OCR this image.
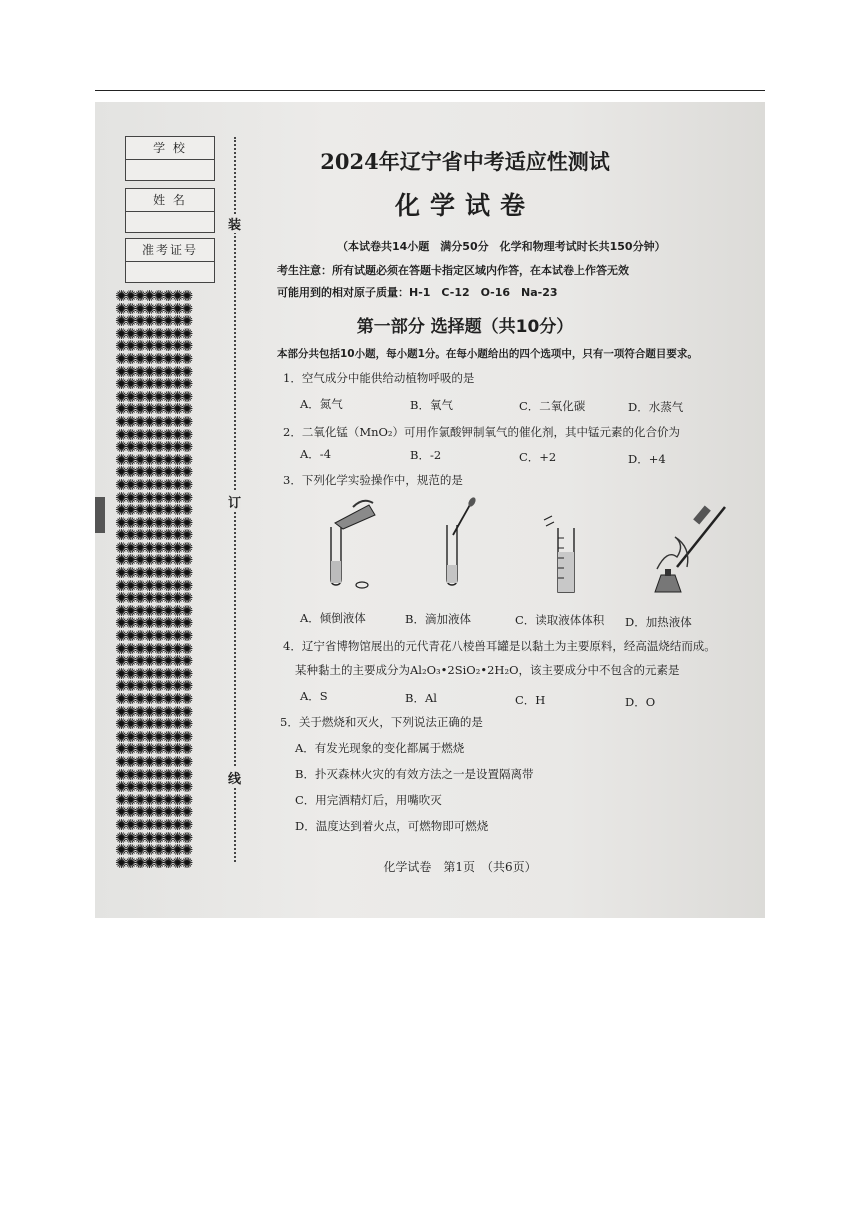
学 校
姓 名
准考证号
✺✺✺✺✺✺✺✺
✺✺✺✺✺✺✺✺
✺✺✺✺✺✺✺✺
✺✺✺✺✺✺✺✺
✺✺✺✺✺✺✺✺
✺✺✺✺✺✺✺✺
✺✺✺✺✺✺✺✺
✺✺✺✺✺✺✺✺
✺✺✺✺✺✺✺✺
✺✺✺✺✺✺✺✺
✺✺✺✺✺✺✺✺
✺✺✺✺✺✺✺✺
✺✺✺✺✺✺✺✺
✺✺✺✺✺✺✺✺
✺✺✺✺✺✺✺✺
✺✺✺✺✺✺✺✺
✺✺✺✺✺✺✺✺
✺✺✺✺✺✺✺✺
✺✺✺✺✺✺✺✺
✺✺✺✺✺✺✺✺
✺✺✺✺✺✺✺✺
✺✺✺✺✺✺✺✺
✺✺✺✺✺✺✺✺
✺✺✺✺✺✺✺✺
✺✺✺✺✺✺✺✺
✺✺✺✺✺✺✺✺
✺✺✺✺✺✺✺✺
✺✺✺✺✺✺✺✺
✺✺✺✺✺✺✺✺
✺✺✺✺✺✺✺✺
✺✺✺✺✺✺✺✺
✺✺✺✺✺✺✺✺
✺✺✺✺✺✺✺✺
✺✺✺✺✺✺✺✺
✺✺✺✺✺✺✺✺
✺✺✺✺✺✺✺✺
✺✺✺✺✺✺✺✺
✺✺✺✺✺✺✺✺
✺✺✺✺✺✺✺✺
✺✺✺✺✺✺✺✺
✺✺✺✺✺✺✺✺
✺✺✺✺✺✺✺✺
✺✺✺✺✺✺✺✺
✺✺✺✺✺✺✺✺
✺✺✺✺✺✺✺✺
✺✺✺✺✺✺✺✺
装
订
线
2024年辽宁省中考适应性测试
化学试卷
（本试卷共14小题　满分50分　化学和物理考试时长共150分钟）
考生注意：所有试题必须在答题卡指定区域内作答，在本试卷上作答无效
可能用到的相对原子质量：H-1　C-12　O-16　Na-23
第一部分 选择题（共10分）
本部分共包括10小题，每小题1分。在每小题给出的四个选项中，只有一项符合题目要求。
1．空气成分中能供给动植物呼吸的是
A．氮气	B．氧气	C．二氧化碳	D．水蒸气
2．二氧化锰（MnO₂）可用作氯酸钾制氧气的催化剂，其中锰元素的化合价为
A．-4	B．-2	C．+2	D．+4
3．下列化学实验操作中，规范的是
A．倾倒液体	B．滴加液体	C．读取液体体积 D．加热液体
4．辽宁省博物馆展出的元代青花八棱兽耳罐是以黏土为主要原料，经高温烧结而成。
某种黏土的主要成分为Al₂O₃•2SiO₂•2H₂O，该主要成分中不包含的元素是
A．S	B．Al	C．H	D．O
5．关于燃烧和灭火，下列说法正确的是
A．有发光现象的变化都属于燃烧
B．扑灭森林火灾的有效方法之一是设置隔离带
C．用完酒精灯后，用嘴吹灭
D．温度达到着火点，可燃物即可燃烧
化学试卷　第1页　（共6页）
